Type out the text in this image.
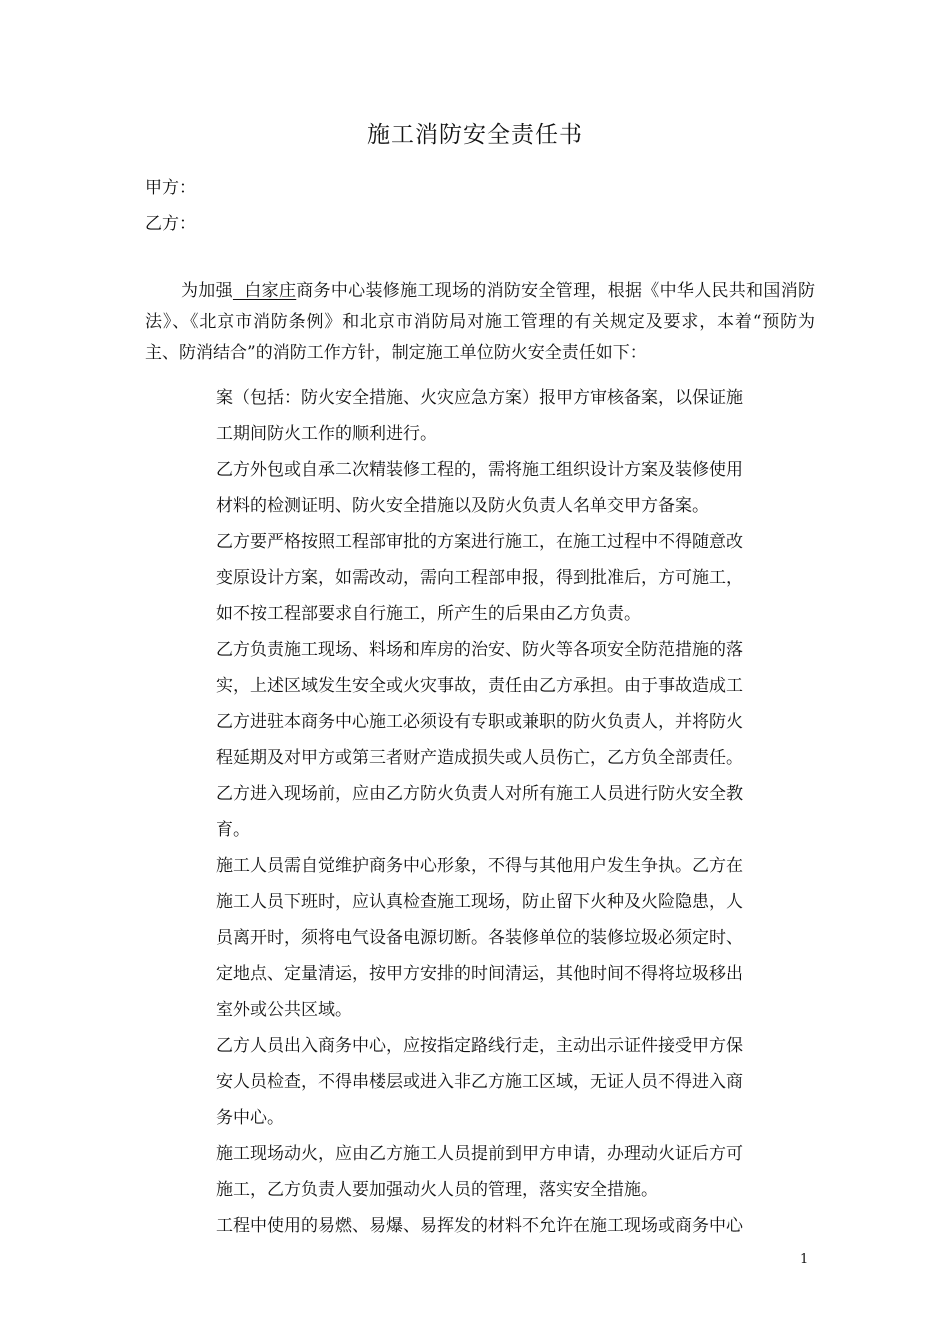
施工消防安全责任书
甲方：
乙方：

为加强  白家庄商务中心装修施工现场的消防安全管理，根据《中华人民共和国消防法》、《北京市消防条例》和北京市消防局对施工管理的有关规定及要求，本着“预防为主、防消结合”的消防工作方针，制定施工单位防火安全责任如下：

案（包括：防火安全措施、火灾应急方案）报甲方审核备案，以保证施

工期间防火工作的顺利进行。

乙方外包或自承二次精装修工程的，需将施工组织设计方案及装修使用

材料的检测证明、防火安全措施以及防火负责人名单交甲方备案。

乙方要严格按照工程部审批的方案进行施工，在施工过程中不得随意改

变原设计方案，如需改动，需向工程部申报，得到批准后，方可施工，

如不按工程部要求自行施工，所产生的后果由乙方负责。

乙方负责施工现场、料场和库房的治安、防火等各项安全防范措施的落

实，上述区域发生安全或火灾事故，责任由乙方承担。由于事故造成工

乙方进驻本商务中心施工必须设有专职或兼职的防火负责人，并将防火

程延期及对甲方或第三者财产造成损失或人员伤亡，乙方负全部责任。

乙方进入现场前，应由乙方防火负责人对所有施工人员进行防火安全教

育。

施工人员需自觉维护商务中心形象，不得与其他用户发生争执。乙方在

施工人员下班时，应认真检查施工现场，防止留下火种及火险隐患，人

员离开时，须将电气设备电源切断。各装修单位的装修垃圾必须定时、

定地点、定量清运，按甲方安排的时间清运，其他时间不得将垃圾移出

室外或公共区域。

乙方人员出入商务中心，应按指定路线行走，主动出示证件接受甲方保

安人员检查，不得串楼层或进入非乙方施工区域，无证人员不得进入商

务中心。

施工现场动火，应由乙方施工人员提前到甲方申请，办理动火证后方可

施工，乙方负责人要加强动火人员的管理，落实安全措施。

工程中使用的易燃、易爆、易挥发的材料不允许在施工现场或商务中心

1
